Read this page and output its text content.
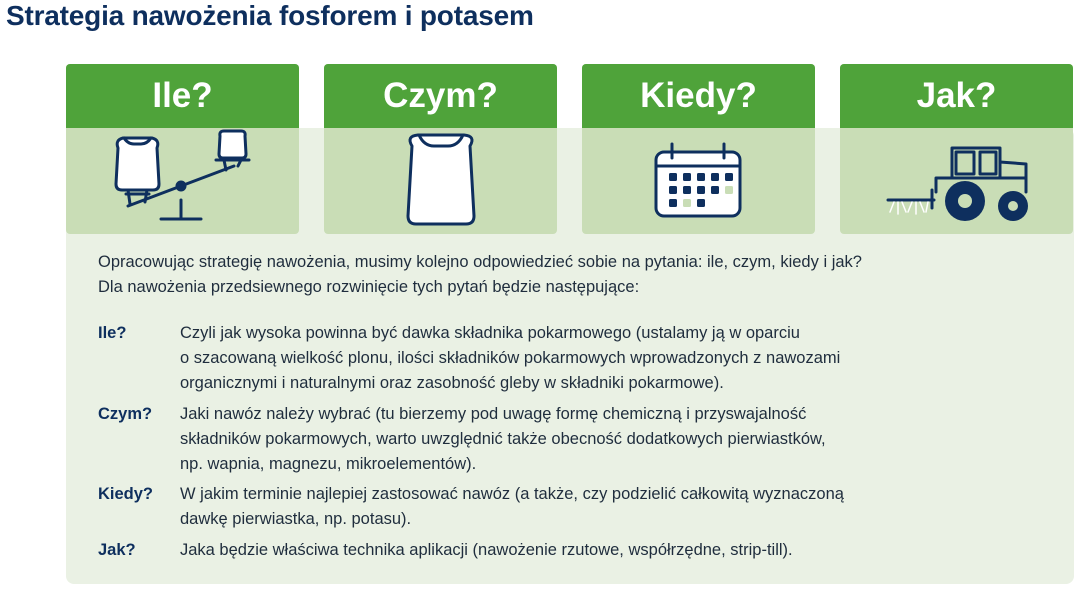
Strategia nawożenia fosforem i potasem
Ile?	Czym?	Kiedy?	Jak?
Opracowując strategię nawożenia, musimy kolejno odpowiedzieć sobie na pytania: ile, czym, kiedy i jak?
Dla nawożenia przedsiewnego rozwinięcie tych pytań będzie następujące:
Ile?	Czyli jak wysoka powinna być dawka składnika pokarmowego (ustalamy ją w oparciu
o szacowaną wielkość plonu, ilości składników pokarmowych wprowadzonych z nawozami
organicznymi i naturalnymi oraz zasobność gleby w składniki pokarmowe).
Czym? Jaki nawóz należy wybrać (tu bierzemy pod uwagę formę chemiczną i przyswajalność
składników pokarmowych, warto uwzględnić także obecność dodatkowych pierwiastków,
np. wapnia, magnezu, mikroelementów).
Kiedy? W jakim terminie najlepiej zastosować nawóz (a także, czy podzielić całkowitą wyznaczoną
dawkę pierwiastka, np. potasu).
Jak?	Jaka będzie właściwa technika aplikacji (nawożenie rzutowe, współrzędne, strip-till).
